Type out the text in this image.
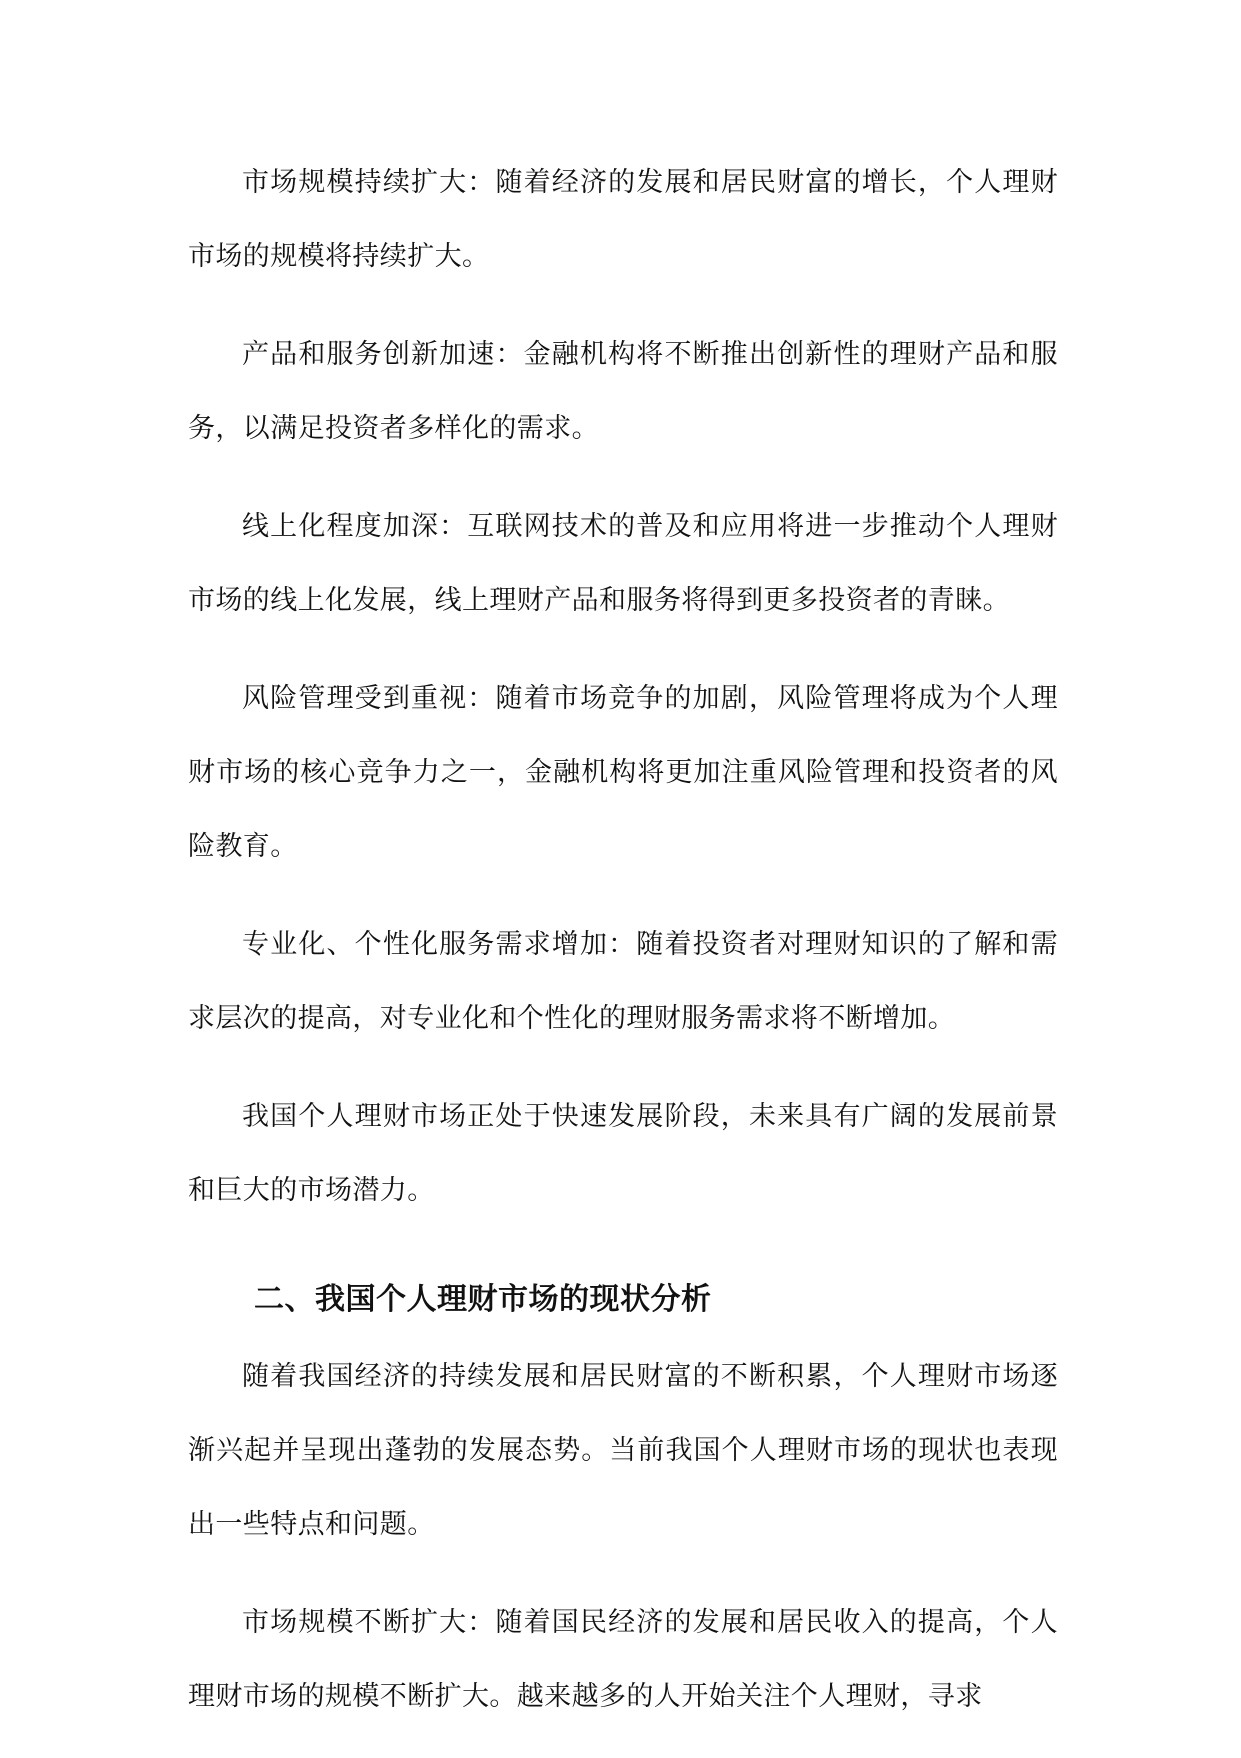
市场规模持续扩大：随着经济的发展和居民财富的增长，个人理财市场的规模将持续扩大。

产品和服务创新加速：金融机构将不断推出创新性的理财产品和服务，以满足投资者多样化的需求。

线上化程度加深：互联网技术的普及和应用将进一步推动个人理财市场的线上化发展，线上理财产品和服务将得到更多投资者的青睐。

风险管理受到重视：随着市场竞争的加剧，风险管理将成为个人理财市场的核心竞争力之一，金融机构将更加注重风险管理和投资者的风险教育。

专业化、个性化服务需求增加：随着投资者对理财知识的了解和需求层次的提高，对专业化和个性化的理财服务需求将不断增加。

我国个人理财市场正处于快速发展阶段，未来具有广阔的发展前景和巨大的市场潜力。

二、我国个人理财市场的现状分析

随着我国经济的持续发展和居民财富的不断积累，个人理财市场逐渐兴起并呈现出蓬勃的发展态势。当前我国个人理财市场的现状也表现出一些特点和问题。

市场规模不断扩大：随着国民经济的发展和居民收入的提高，个人理财市场的规模不断扩大。越来越多的人开始关注个人理财，寻求
